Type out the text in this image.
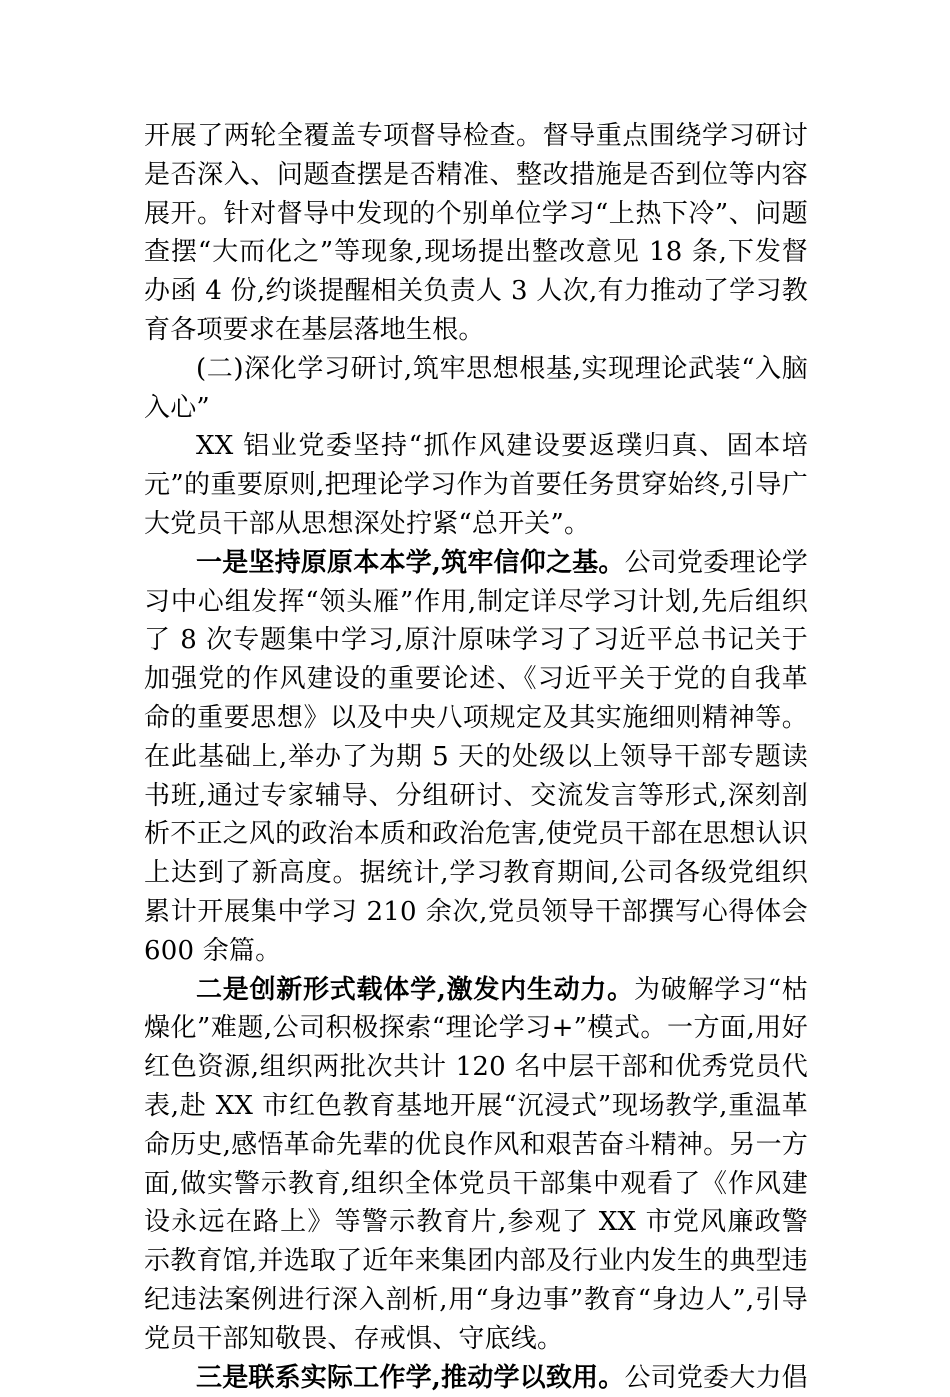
开展了两轮全覆盖专项督导检查。督导重点围绕学习研讨是否深入、问题查摆是否精准、整改措施是否到位等内容展开。针对督导中发现的个别单位学习“上热下冷”、问题查摆“大而化之”等现象,现场提出整改意见 18 条,下发督办函 4 份,约谈提醒相关负责人 3 人次,有力推动了学习教育各项要求在基层落地生根。

(二)深化学习研讨,筑牢思想根基,实现理论武装“入脑入心”

XX 铝业党委坚持“抓作风建设要返璞归真、固本培元”的重要原则,把理论学习作为首要任务贯穿始终,引导广大党员干部从思想深处拧紧“总开关”。

一是坚持原原本本学,筑牢信仰之基。公司党委理论学习中心组发挥“领头雁”作用,制定详尽学习计划,先后组织了 8 次专题集中学习,原汁原味学习了习近平总书记关于加强党的作风建设的重要论述、《习近平关于党的自我革命的重要思想》以及中央八项规定及其实施细则精神等。在此基础上,举办了为期 5 天的处级以上领导干部专题读书班,通过专家辅导、分组研讨、交流发言等形式,深刻剖析不正之风的政治本质和政治危害,使党员干部在思想认识上达到了新高度。据统计,学习教育期间,公司各级党组织累计开展集中学习 210 余次,党员领导干部撰写心得体会 600 余篇。

二是创新形式载体学,激发内生动力。为破解学习“枯燥化”难题,公司积极探索“理论学习+”模式。一方面,用好红色资源,组织两批次共计 120 名中层干部和优秀党员代表,赴 XX 市红色教育基地开展“沉浸式”现场教学,重温革命历史,感悟革命先辈的优良作风和艰苦奋斗精神。另一方面,做实警示教育,组织全体党员干部集中观看了《作风建设永远在路上》等警示教育片,参观了 XX 市党风廉政警示教育馆,并选取了近年来集团内部及行业内发生的典型违纪违法案例进行深入剖析,用“身边事”教育“身边人”,引导党员干部知敬畏、存戒惧、守底线。

三是联系实际工作学,推动学以致用。公司党委大力倡
